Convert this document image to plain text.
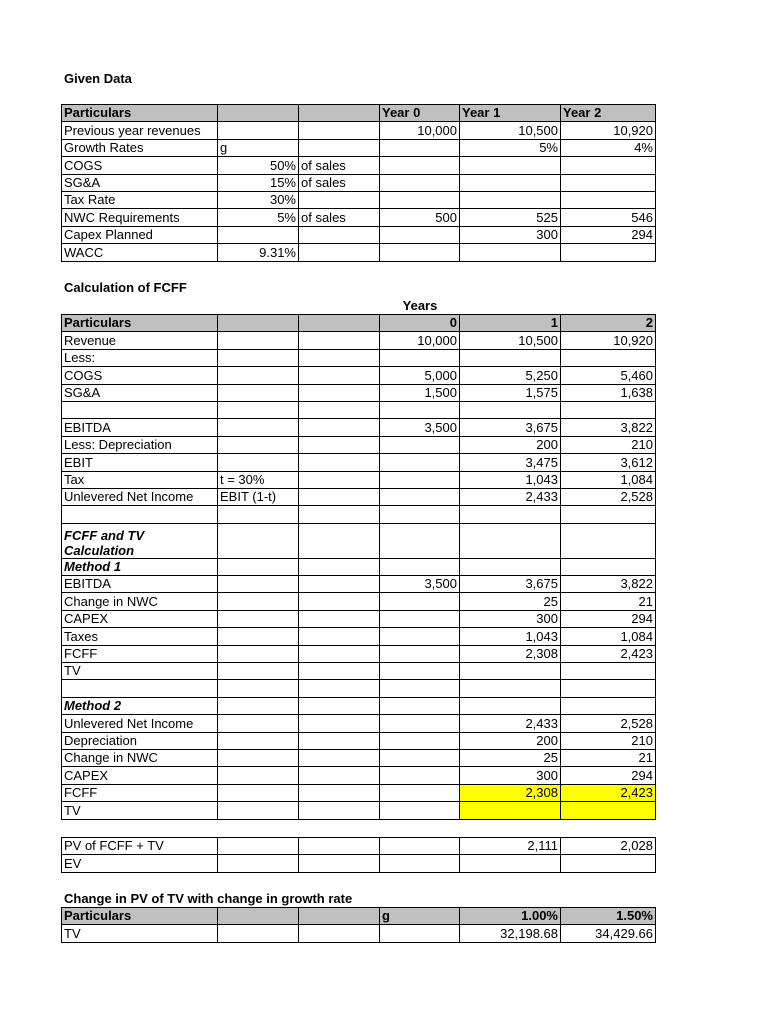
Given Data
Particulars			Year 0	Year 1	Year 2
Previous year revenues			10,000	10,500	10,920
Growth Rates	g			5%	4%
COGS	50%	of sales			
SG&A	15%	of sales			
Tax Rate	30%				
NWC Requirements	5%	of sales	500	525	546
Capex Planned				300	294
WACC	9.31%				
Calculation of FCFF
Years
Particulars			0	1	2
Revenue			10,000	10,500	10,920
Less:					
COGS			5,000	5,250	5,460
SG&A			1,500	1,575	1,638

EBITDA			3,500	3,675	3,822
Less: Depreciation				200	210
EBIT				3,475	3,612
Tax	t = 30%			1,043	1,084
Unlevered Net Income	EBIT (1-t)			2,433	2,528

FCFF and TV Calculation					
Method 1					
EBITDA			3,500	3,675	3,822
Change in NWC				25	21
CAPEX				300	294
Taxes				1,043	1,084
FCFF				2,308	2,423
TV					

Method 2					
Unlevered Net Income				2,433	2,528
Depreciation				200	210
Change in NWC				25	21
CAPEX				300	294
FCFF				2,308	2,423
TV					
PV of FCFF + TV				2,111	2,028
EV					
Change in PV of TV with change in growth rate
Particulars			g	1.00%	1.50%
TV				32,198.68	34,429.66
